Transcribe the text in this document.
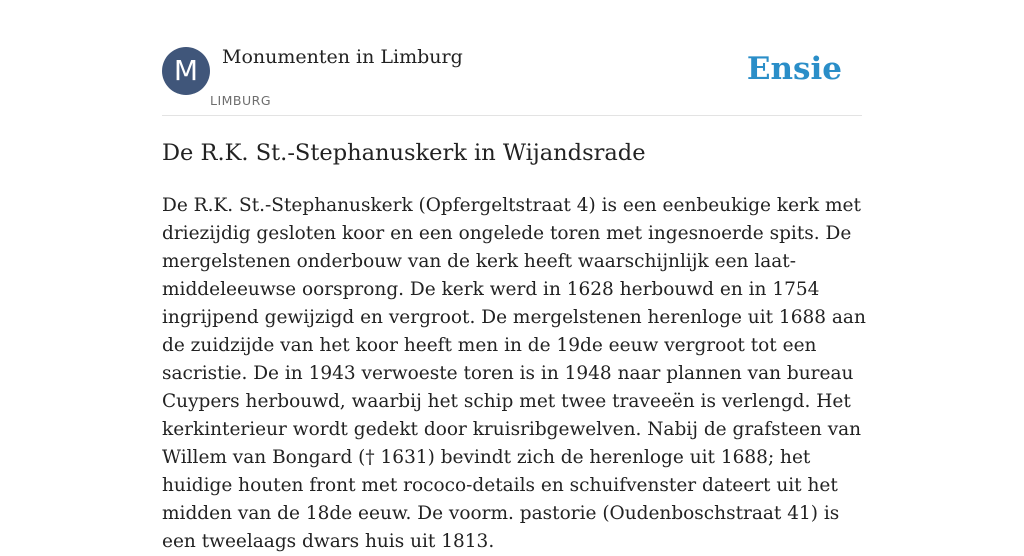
M	Monumenten in Limburg
LIMBURG
Ensie
De R.K. St.-Stephanuskerk in Wijandsrade

De R.K. St.-Stephanuskerk (Opfergeltstraat 4) is een eenbeukige kerk met driezijdig gesloten koor en een ongelede toren met ingesnoerde spits. De mergelstenen onderbouw van de kerk heeft waarschijnlijk een laat-middeleeuwse oorsprong. De kerk werd in 1628 herbouwd en in 1754 ingrijpend gewijzigd en vergroot. De mergelstenen herenloge uit 1688 aan de zuidzijde van het koor heeft men in de 19de eeuw vergroot tot een sacristie. De in 1943 verwoeste toren is in 1948 naar plannen van bureau Cuypers herbouwd, waarbij het schip met twee traveeën is verlengd. Het kerkinterieur wordt gedekt door kruisribgewelven. Nabij de grafsteen van Willem van Bongard († 1631) bevindt zich de herenloge uit 1688; het huidige houten front met rococo-details en schuifvenster dateert uit het midden van de 18de eeuw. De voorm. pastorie (Oudenboschstraat 41) is een tweelaags dwars huis uit 1813.
